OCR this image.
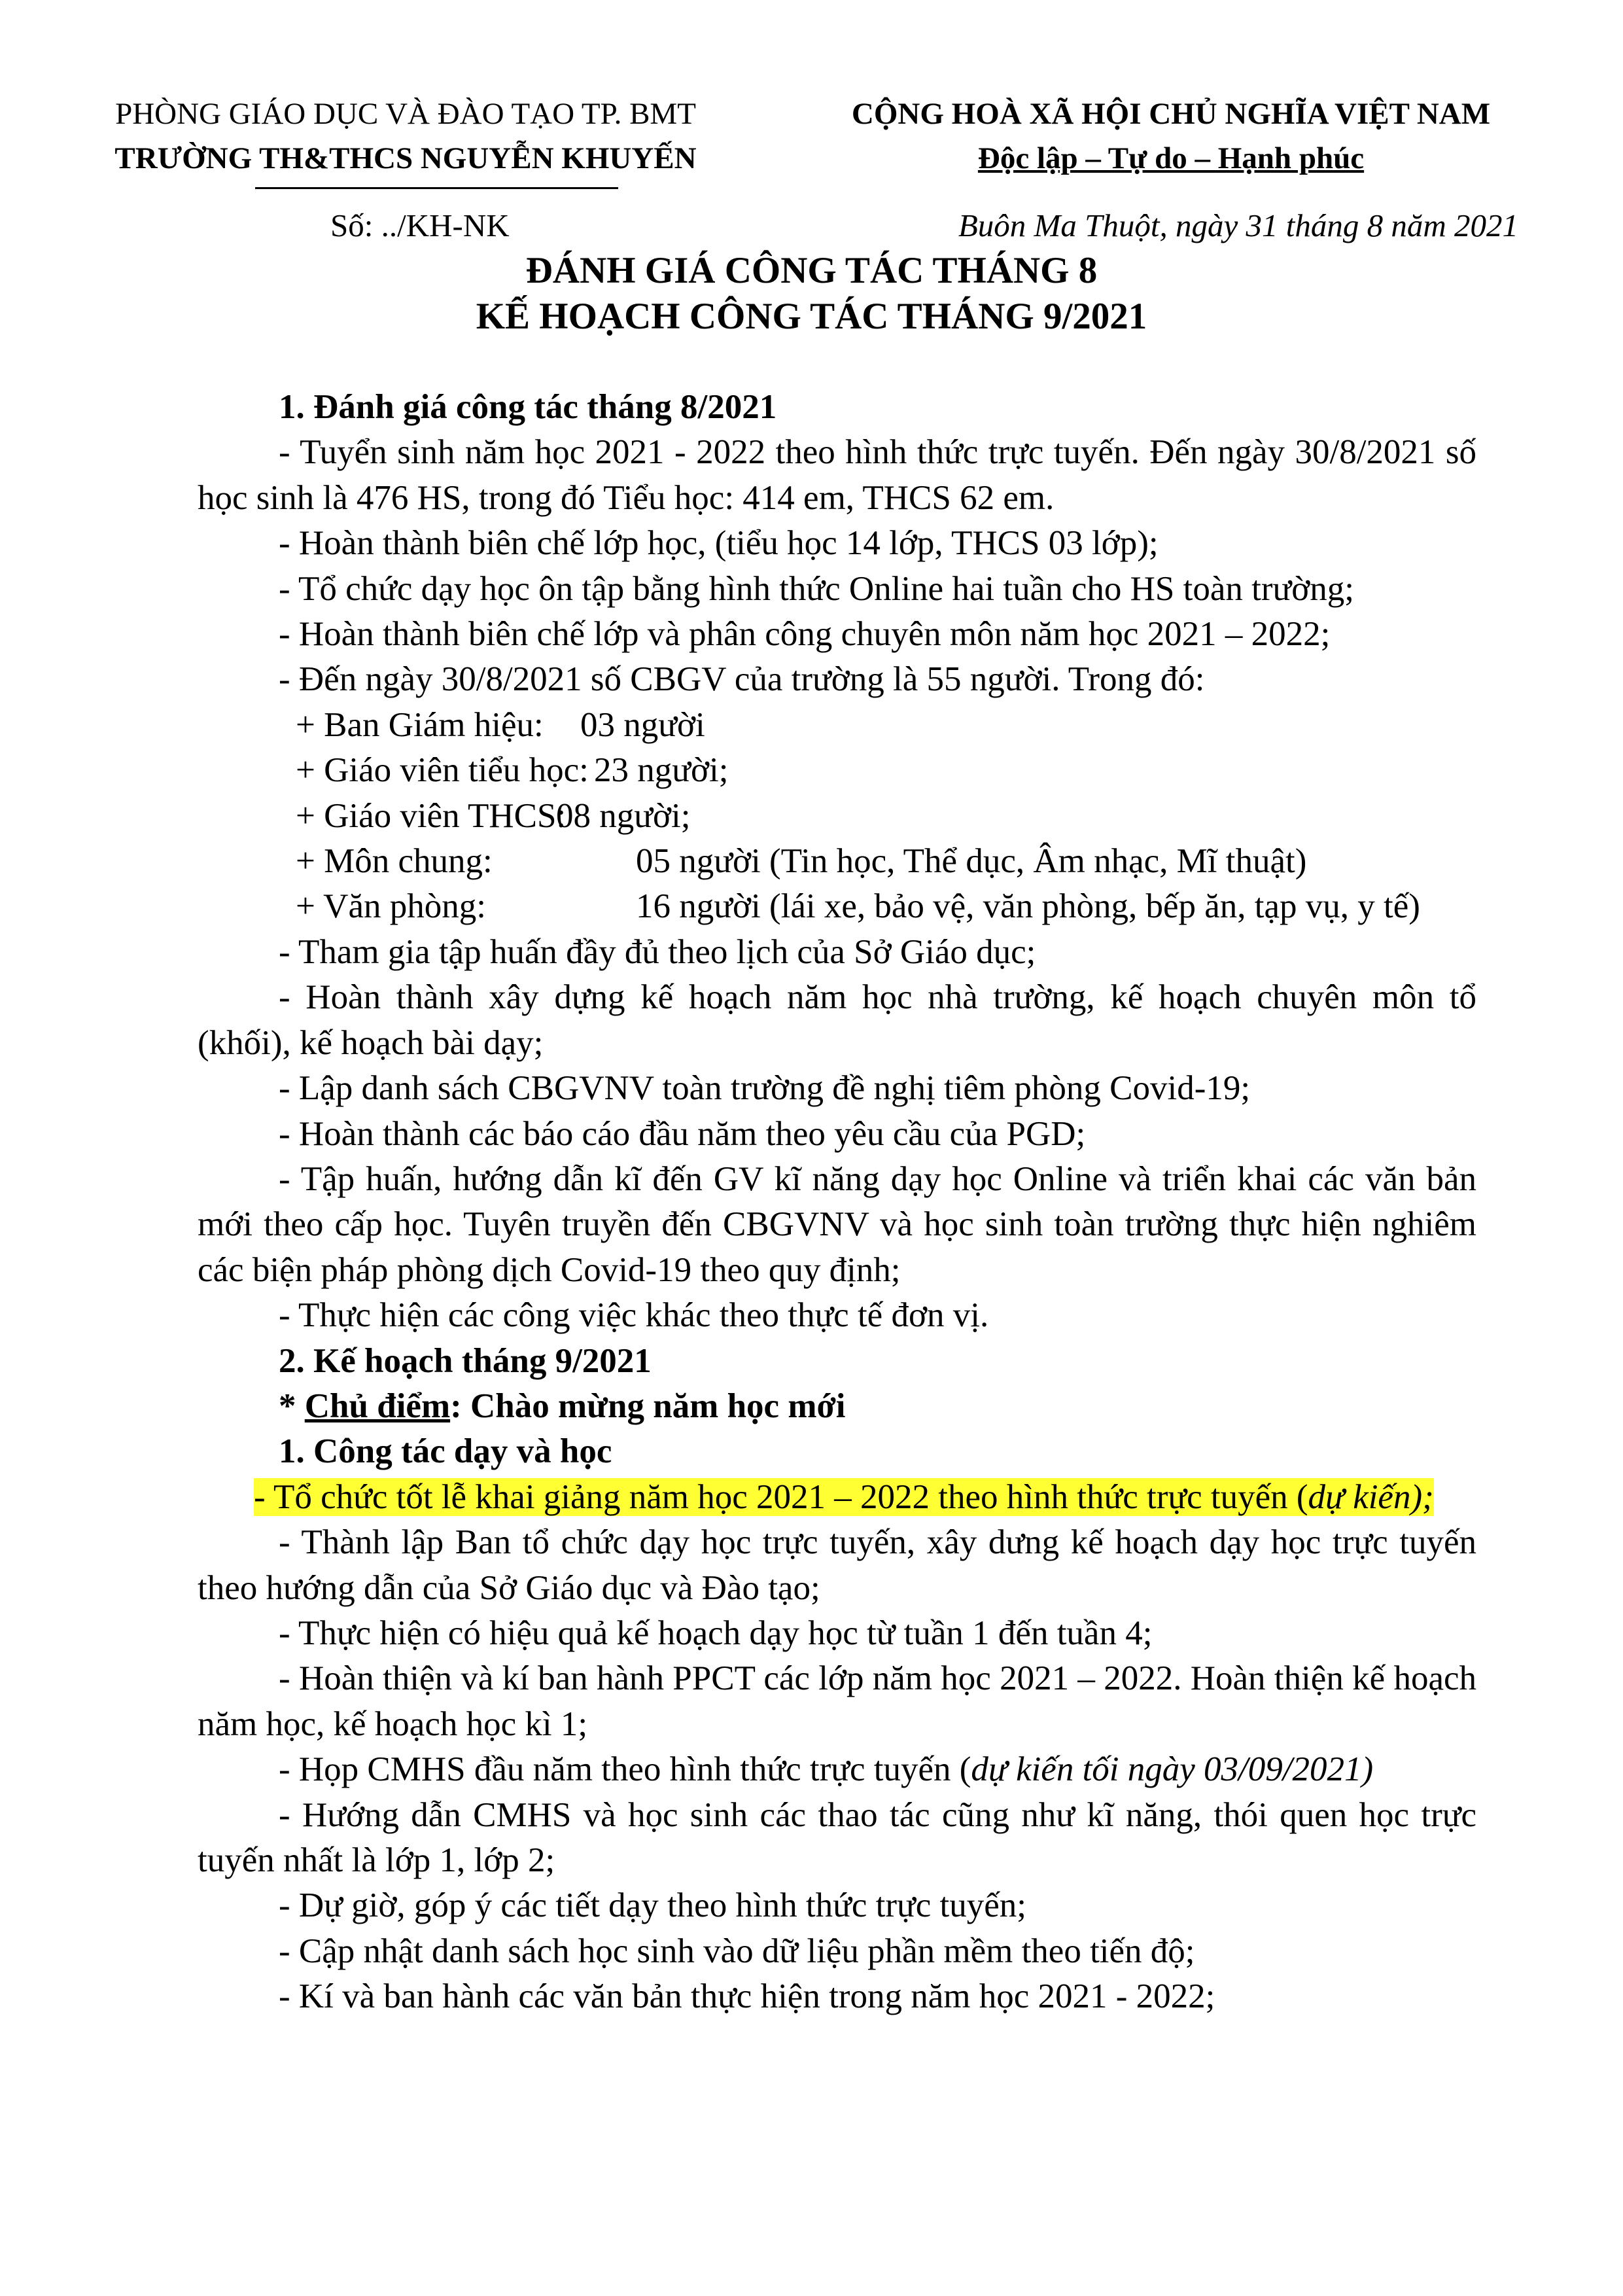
PHÒNG GIÁO DỤC VÀ ĐÀO TẠO TP. BMT
TRƯỜNG TH&THCS NGUYỄN KHUYẾN
CỘNG HOÀ XÃ HỘI CHỦ NGHĨA VIỆT NAM
Độc lập – Tự do – Hạnh phúc
Số: ../KH-NK	Buôn Ma Thuột, ngày 31 tháng 8 năm 2021
ĐÁNH GIÁ CÔNG TÁC THÁNG 8
KẾ HOẠCH CÔNG TÁC THÁNG 9/2021

1. Đánh giá công tác tháng 8/2021

- Tuyển sinh năm học 2021 - 2022 theo hình thức trực tuyến. Đến ngày 30/8/2021 số học sinh là 476 HS, trong đó Tiểu học: 414 em, THCS 62 em.

- Hoàn thành biên chế lớp học, (tiểu học 14 lớp, THCS 03 lớp);

- Tổ chức dạy học ôn tập bằng hình thức Online hai tuần cho HS toàn trường;

- Hoàn thành biên chế lớp và phân công chuyên môn năm học 2021 – 2022;

- Đến ngày 30/8/2021 số CBGV của trường là 55 người. Trong đó:

+ Ban Giám hiệu:	03 người
+ Giáo viên tiểu học: 23 người;
+ Giáo viên THCS:
08 người;
+ Môn chung:	05 người (Tin học, Thể dục, Âm nhạc, Mĩ thuật)
+ Văn phòng:	16 người (lái xe, bảo vệ, văn phòng, bếp ăn, tạp vụ, y tế)

- Tham gia tập huấn đầy đủ theo lịch của Sở Giáo dục;

- Hoàn thành xây dựng kế hoạch năm học nhà trường, kế hoạch chuyên môn tổ (khối), kế hoạch bài dạy;

- Lập danh sách CBGVNV toàn trường đề nghị tiêm phòng Covid-19;

- Hoàn thành các báo cáo đầu năm theo yêu cầu của PGD;

- Tập huấn, hướng dẫn kĩ đến GV kĩ năng dạy học Online và triển khai các văn bản mới theo cấp học. Tuyên truyền đến CBGVNV và học sinh toàn trường thực hiện nghiêm các biện pháp phòng dịch Covid-19 theo quy định;

- Thực hiện các công việc khác theo thực tế đơn vị.

2. Kế hoạch tháng 9/2021

* Chủ điểm: Chào mừng năm học mới

1. Công tác dạy và học

- Tổ chức tốt lễ khai giảng năm học 2021 – 2022 theo hình thức trực tuyến (dự kiến);

- Thành lập Ban tổ chức dạy học trực tuyến, xây dưng kế hoạch dạy học trực tuyến theo hướng dẫn của Sở Giáo dục và Đào tạo;

- Thực hiện có hiệu quả kế hoạch dạy học từ tuần 1 đến tuần 4;

- Hoàn thiện và kí ban hành PPCT các lớp năm học 2021 – 2022. Hoàn thiện kế hoạch năm học, kế hoạch học kì 1;

- Họp CMHS đầu năm theo hình thức trực tuyến (dự kiến tối ngày 03/09/2021)

- Hướng dẫn CMHS và học sinh các thao tác cũng như kĩ năng, thói quen học trực tuyến nhất là lớp 1, lớp 2;

- Dự giờ, góp ý các tiết dạy theo hình thức trực tuyến;

- Cập nhật danh sách học sinh vào dữ liệu phần mềm theo tiến độ;

- Kí và ban hành các văn bản thực hiện trong năm học 2021 - 2022;
